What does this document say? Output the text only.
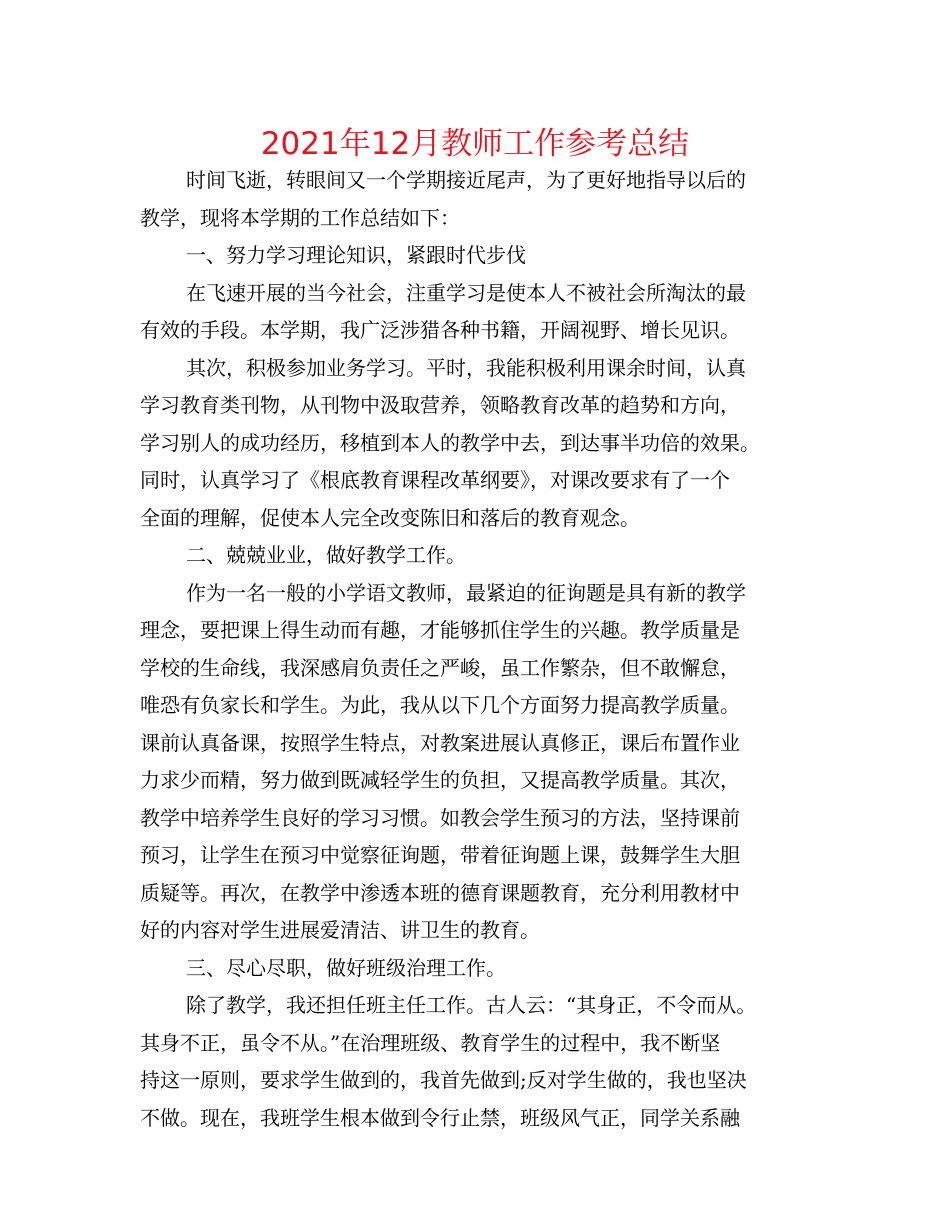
2021年12月教师工作参考总结

时间飞逝，转眼间又一个学期接近尾声，为了更好地指导以后的

教学，现将本学期的工作总结如下：

一、努力学习理论知识，紧跟时代步伐

在飞速开展的当今社会，注重学习是使本人不被社会所淘汰的最

有效的手段。本学期，我广泛涉猎各种书籍，开阔视野、增长见识。

其次，积极参加业务学习。平时，我能积极利用课余时间，认真

学习教育类刊物，从刊物中汲取营养，领略教育改革的趋势和方向，

学习别人的成功经历，移植到本人的教学中去，到达事半功倍的效果。

同时，认真学习了《根底教育课程改革纲要》，对课改要求有了一个

全面的理解，促使本人完全改变陈旧和落后的教育观念。

二、兢兢业业，做好教学工作。

作为一名一般的小学语文教师，最紧迫的征询题是具有新的教学

理念，要把课上得生动而有趣，才能够抓住学生的兴趣。教学质量是

学校的生命线，我深感肩负责任之严峻，虽工作繁杂，但不敢懈怠，

唯恐有负家长和学生。为此，我从以下几个方面努力提高教学质量。

课前认真备课，按照学生特点，对教案进展认真修正，课后布置作业

力求少而精，努力做到既减轻学生的负担，又提高教学质量。其次，

教学中培养学生良好的学习习惯。如教会学生预习的方法，坚持课前

预习，让学生在预习中觉察征询题，带着征询题上课，鼓舞学生大胆

质疑等。再次，在教学中渗透本班的德育课题教育，充分利用教材中

好的内容对学生进展爱清洁、讲卫生的教育。

三、尽心尽职，做好班级治理工作。

除了教学，我还担任班主任工作。古人云：“其身正，不令而从。

其身不正，虽令不从。”在治理班级、教育学生的过程中，我不断坚

持这一原则，要求学生做到的，我首先做到;反对学生做的，我也坚决

不做。现在，我班学生根本做到令行止禁，班级风气正，同学关系融
